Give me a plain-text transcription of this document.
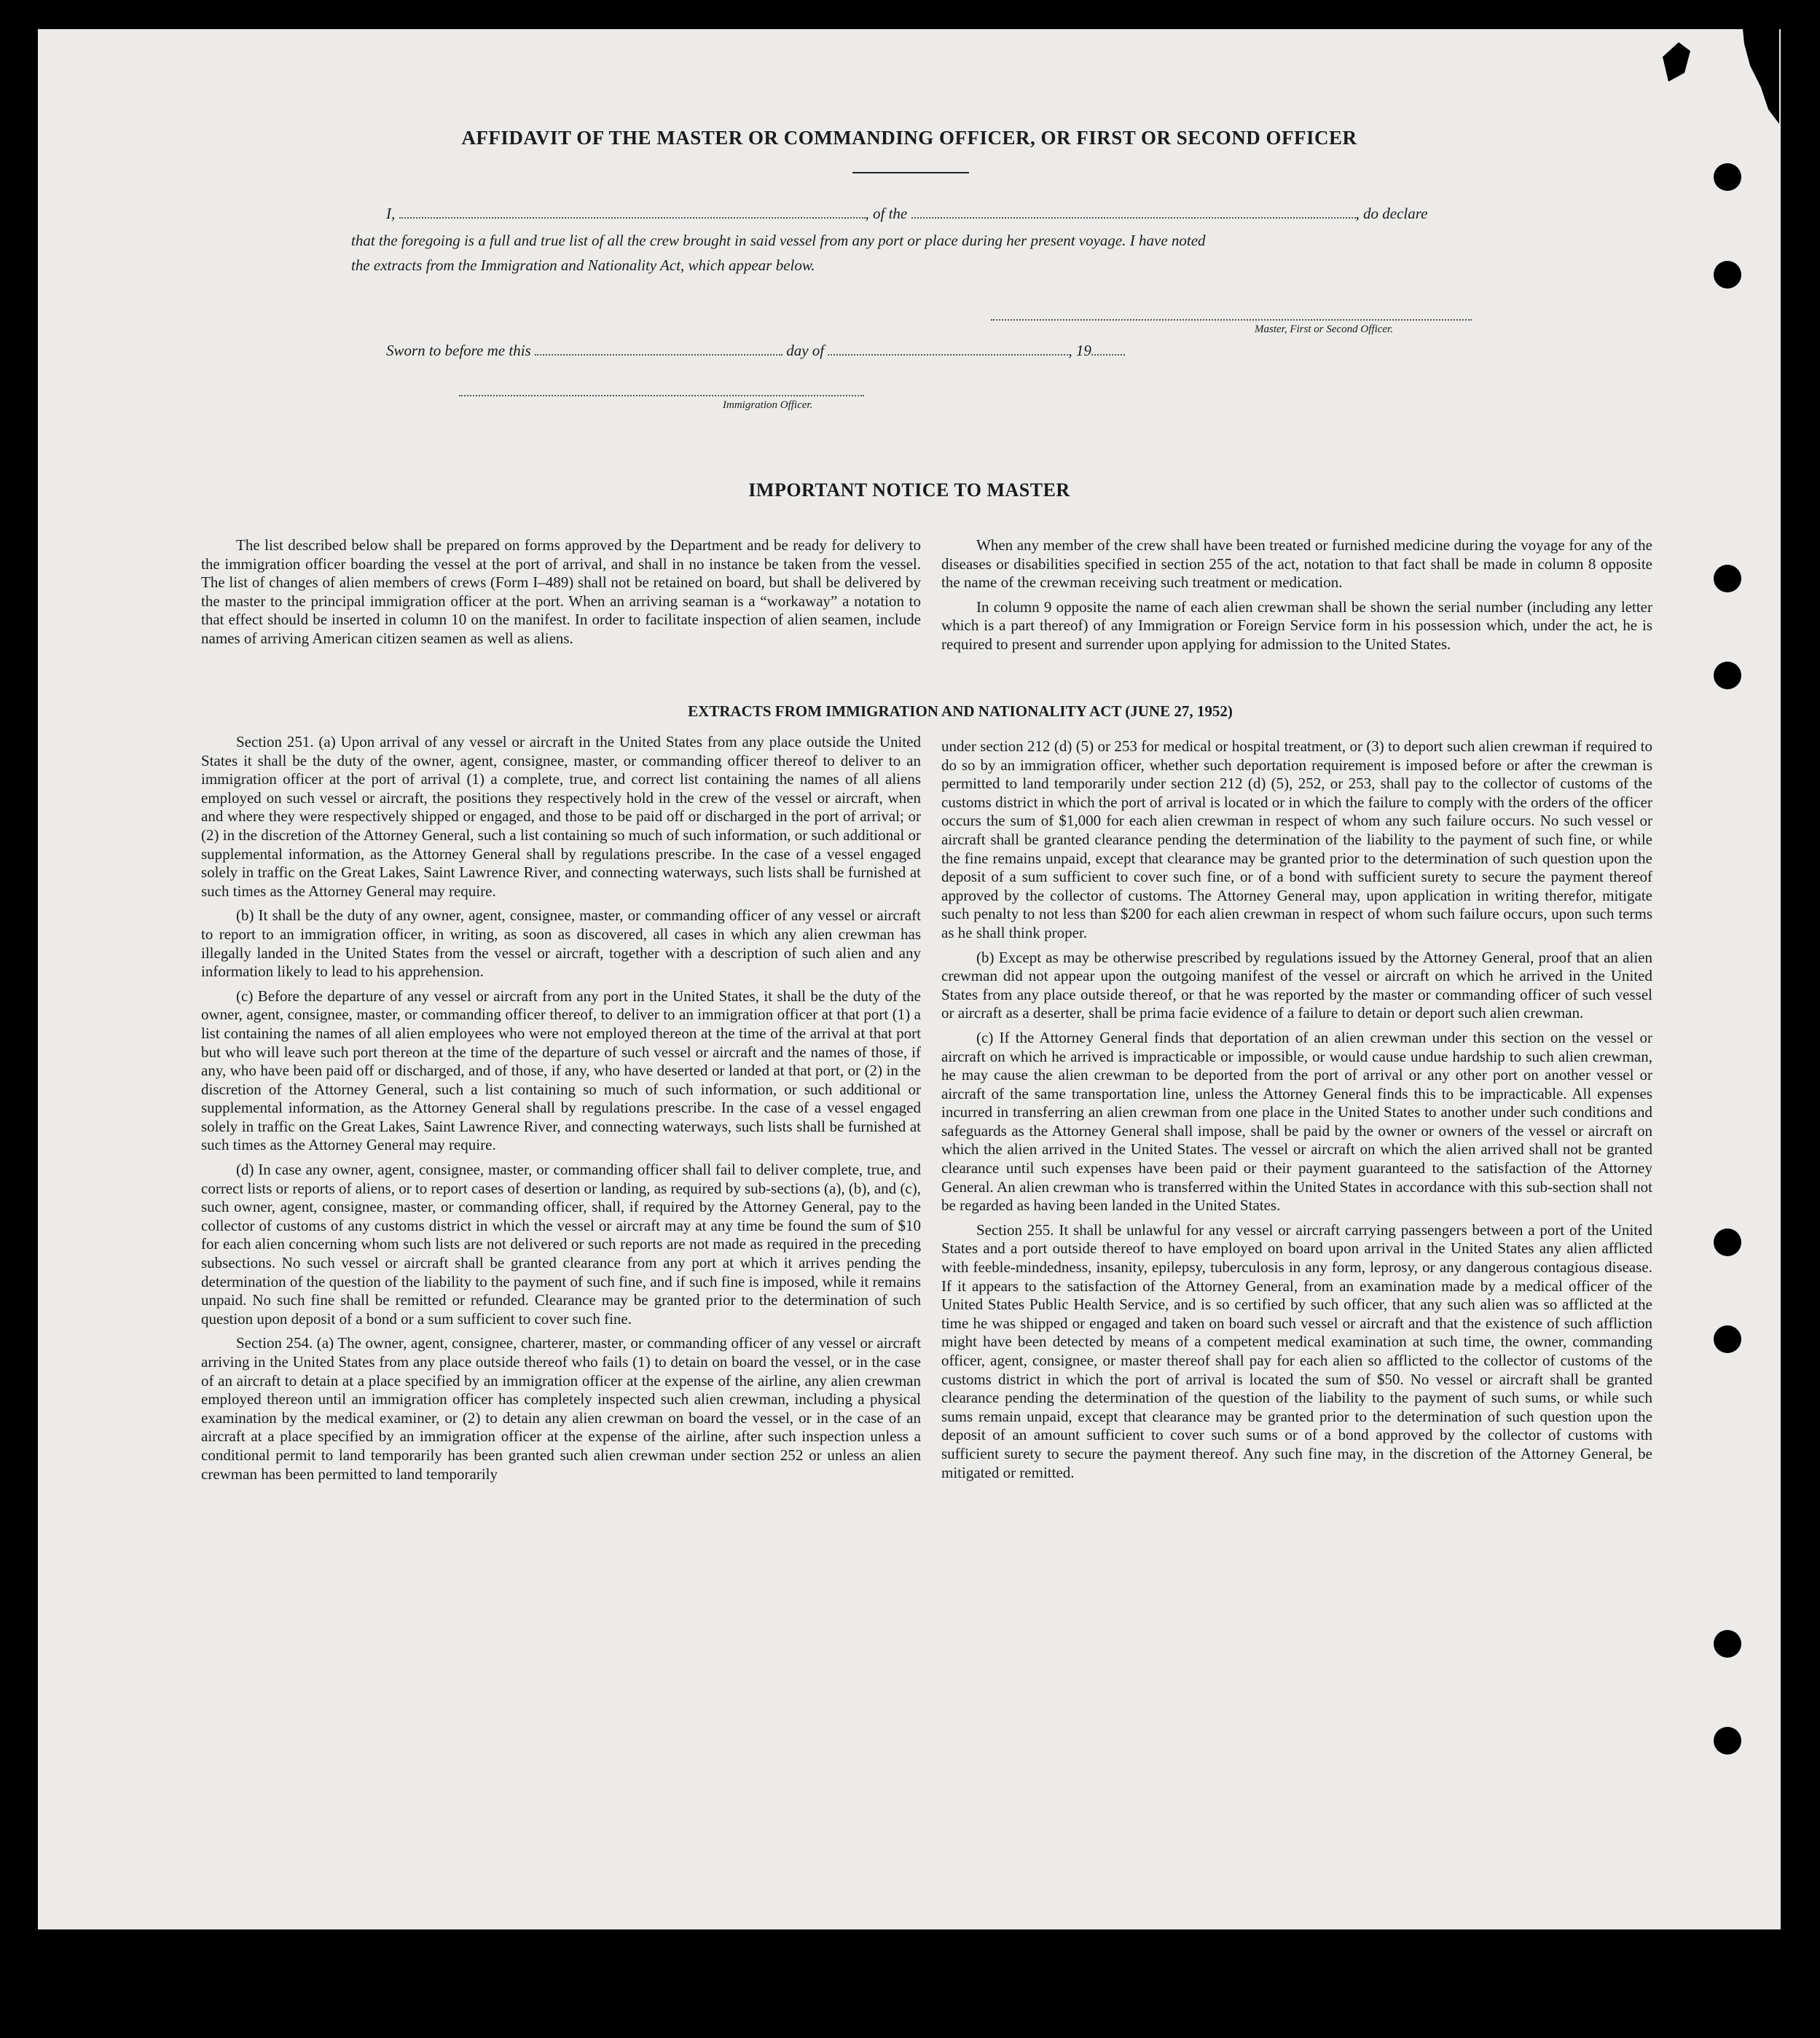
AFFIDAVIT OF THE MASTER OR COMMANDING OFFICER, OR FIRST OR SECOND OFFICER
I,	, of the	, do declare
that the foregoing is a full and true list of all the crew brought in said vessel from any port or place during her present voyage. I have noted
the extracts from the Immigration and Nationality Act, which appear below.
Master, First or Second Officer.
Sworn to before me this	day of	, 19
Immigration Officer.
IMPORTANT NOTICE TO MASTER

The list described below shall be prepared on forms approved by the Department and be ready for delivery to the immigration officer boarding the vessel at the port of arrival, and shall in no instance be taken from the vessel. The list of changes of alien members of crews (Form I–489) shall not be retained on board, but shall be delivered by the master to the principal immigration officer at the port. When an arriving seaman is a “workaway” a notation to that effect should be inserted in column 10 on the manifest. In order to facilitate inspection of alien seamen, include names of arriving American citizen seamen as well as aliens.

When any member of the crew shall have been treated or furnished medicine during the voyage for any of the diseases or disabilities specified in section 255 of the act, notation to that fact shall be made in column 8 opposite the name of the crewman receiving such treatment or medication.

In column 9 opposite the name of each alien crewman shall be shown the serial number (including any letter which is a part thereof) of any Immigration or Foreign Service form in his possession which, under the act, he is required to present and surrender upon applying for admission to the United States.

EXTRACTS FROM IMMIGRATION AND NATIONALITY ACT (JUNE 27, 1952)

Section 251. (a) Upon arrival of any vessel or aircraft in the United States from any place outside the United States it shall be the duty of the owner, agent, consignee, master, or commanding officer thereof to deliver to an immigration officer at the port of arrival (1) a complete, true, and correct list containing the names of all aliens employed on such vessel or aircraft, the positions they respectively hold in the crew of the vessel or aircraft, when and where they were respectively shipped or engaged, and those to be paid off or discharged in the port of arrival; or (2) in the discretion of the Attorney General, such a list containing so much of such information, or such additional or supplemental information, as the Attorney General shall by regulations prescribe. In the case of a vessel engaged solely in traffic on the Great Lakes, Saint Lawrence River, and connecting waterways, such lists shall be furnished at such times as the Attorney General may require.

(b) It shall be the duty of any owner, agent, consignee, master, or commanding officer of any vessel or aircraft to report to an immigration officer, in writing, as soon as discovered, all cases in which any alien crewman has illegally landed in the United States from the vessel or aircraft, together with a description of such alien and any information likely to lead to his apprehension.

(c) Before the departure of any vessel or aircraft from any port in the United States, it shall be the duty of the owner, agent, consignee, master, or commanding officer thereof, to deliver to an immigration officer at that port (1) a list containing the names of all alien employees who were not employed thereon at the time of the arrival at that port but who will leave such port thereon at the time of the departure of such vessel or aircraft and the names of those, if any, who have been paid off or discharged, and of those, if any, who have deserted or landed at that port, or (2) in the discretion of the Attorney General, such a list containing so much of such information, or such additional or supplemental information, as the Attorney General shall by regulations prescribe. In the case of a vessel engaged solely in traffic on the Great Lakes, Saint Lawrence River, and connecting waterways, such lists shall be furnished at such times as the Attorney General may require.

(d) In case any owner, agent, consignee, master, or commanding officer shall fail to deliver complete, true, and correct lists or reports of aliens, or to report cases of desertion or landing, as required by sub-sections (a), (b), and (c), such owner, agent, consignee, master, or commanding officer, shall, if required by the Attorney General, pay to the collector of customs of any customs district in which the vessel or aircraft may at any time be found the sum of $10 for each alien concerning whom such lists are not delivered or such reports are not made as required in the preceding subsections. No such vessel or aircraft shall be granted clearance from any port at which it arrives pending the determination of the question of the liability to the payment of such fine, and if such fine is imposed, while it remains unpaid. No such fine shall be remitted or refunded. Clearance may be granted prior to the determination of such question upon deposit of a bond or a sum sufficient to cover such fine.

Section 254. (a) The owner, agent, consignee, charterer, master, or commanding officer of any vessel or aircraft arriving in the United States from any place outside thereof who fails (1) to detain on board the vessel, or in the case of an aircraft to detain at a place specified by an immigration officer at the expense of the airline, any alien crewman employed thereon until an immigration officer has completely inspected such alien crewman, including a physical examination by the medical examiner, or (2) to detain any alien crewman on board the vessel, or in the case of an aircraft at a place specified by an immigration officer at the expense of the airline, after such inspection unless a conditional permit to land temporarily has been granted such alien crewman under section 252 or unless an alien crewman has been permitted to land temporarily

under section 212 (d) (5) or 253 for medical or hospital treatment, or (3) to deport such alien crewman if required to do so by an immigration officer, whether such deportation requirement is imposed before or after the crewman is permitted to land temporarily under section 212 (d) (5), 252, or 253, shall pay to the collector of customs of the customs district in which the port of arrival is located or in which the failure to comply with the orders of the officer occurs the sum of $1,000 for each alien crewman in respect of whom any such failure occurs. No such vessel or aircraft shall be granted clearance pending the determination of the liability to the payment of such fine, or while the fine remains unpaid, except that clearance may be granted prior to the determination of such question upon the deposit of a sum sufficient to cover such fine, or of a bond with sufficient surety to secure the payment thereof approved by the collector of customs. The Attorney General may, upon application in writing therefor, mitigate such penalty to not less than $200 for each alien crewman in respect of whom such failure occurs, upon such terms as he shall think proper.

(b) Except as may be otherwise prescribed by regulations issued by the Attorney General, proof that an alien crewman did not appear upon the outgoing manifest of the vessel or aircraft on which he arrived in the United States from any place outside thereof, or that he was reported by the master or commanding officer of such vessel or aircraft as a deserter, shall be prima facie evidence of a failure to detain or deport such alien crewman.

(c) If the Attorney General finds that deportation of an alien crewman under this section on the vessel or aircraft on which he arrived is impracticable or impossible, or would cause undue hardship to such alien crewman, he may cause the alien crewman to be deported from the port of arrival or any other port on another vessel or aircraft of the same transportation line, unless the Attorney General finds this to be impracticable. All expenses incurred in transferring an alien crewman from one place in the United States to another under such conditions and safeguards as the Attorney General shall impose, shall be paid by the owner or owners of the vessel or aircraft on which the alien arrived in the United States. The vessel or aircraft on which the alien arrived shall not be granted clearance until such expenses have been paid or their payment guaranteed to the satisfaction of the Attorney General. An alien crewman who is transferred within the United States in accordance with this sub-section shall not be regarded as having been landed in the United States.

Section 255. It shall be unlawful for any vessel or aircraft carrying passengers between a port of the United States and a port outside thereof to have employed on board upon arrival in the United States any alien afflicted with feeble-mindedness, insanity, epilepsy, tuberculosis in any form, leprosy, or any dangerous contagious disease. If it appears to the satisfaction of the Attorney General, from an examination made by a medical officer of the United States Public Health Service, and is so certified by such officer, that any such alien was so afflicted at the time he was shipped or engaged and taken on board such vessel or aircraft and that the existence of such affliction might have been detected by means of a competent medical examination at such time, the owner, commanding officer, agent, consignee, or master thereof shall pay for each alien so afflicted to the collector of customs of the customs district in which the port of arrival is located the sum of $50. No vessel or aircraft shall be granted clearance pending the determination of the question of the liability to the payment of such sums, or while such sums remain unpaid, except that clearance may be granted prior to the determination of such question upon the deposit of an amount sufficient to cover such sums or of a bond approved by the collector of customs with sufficient surety to secure the payment thereof. Any such fine may, in the discretion of the Attorney General, be mitigated or remitted.
